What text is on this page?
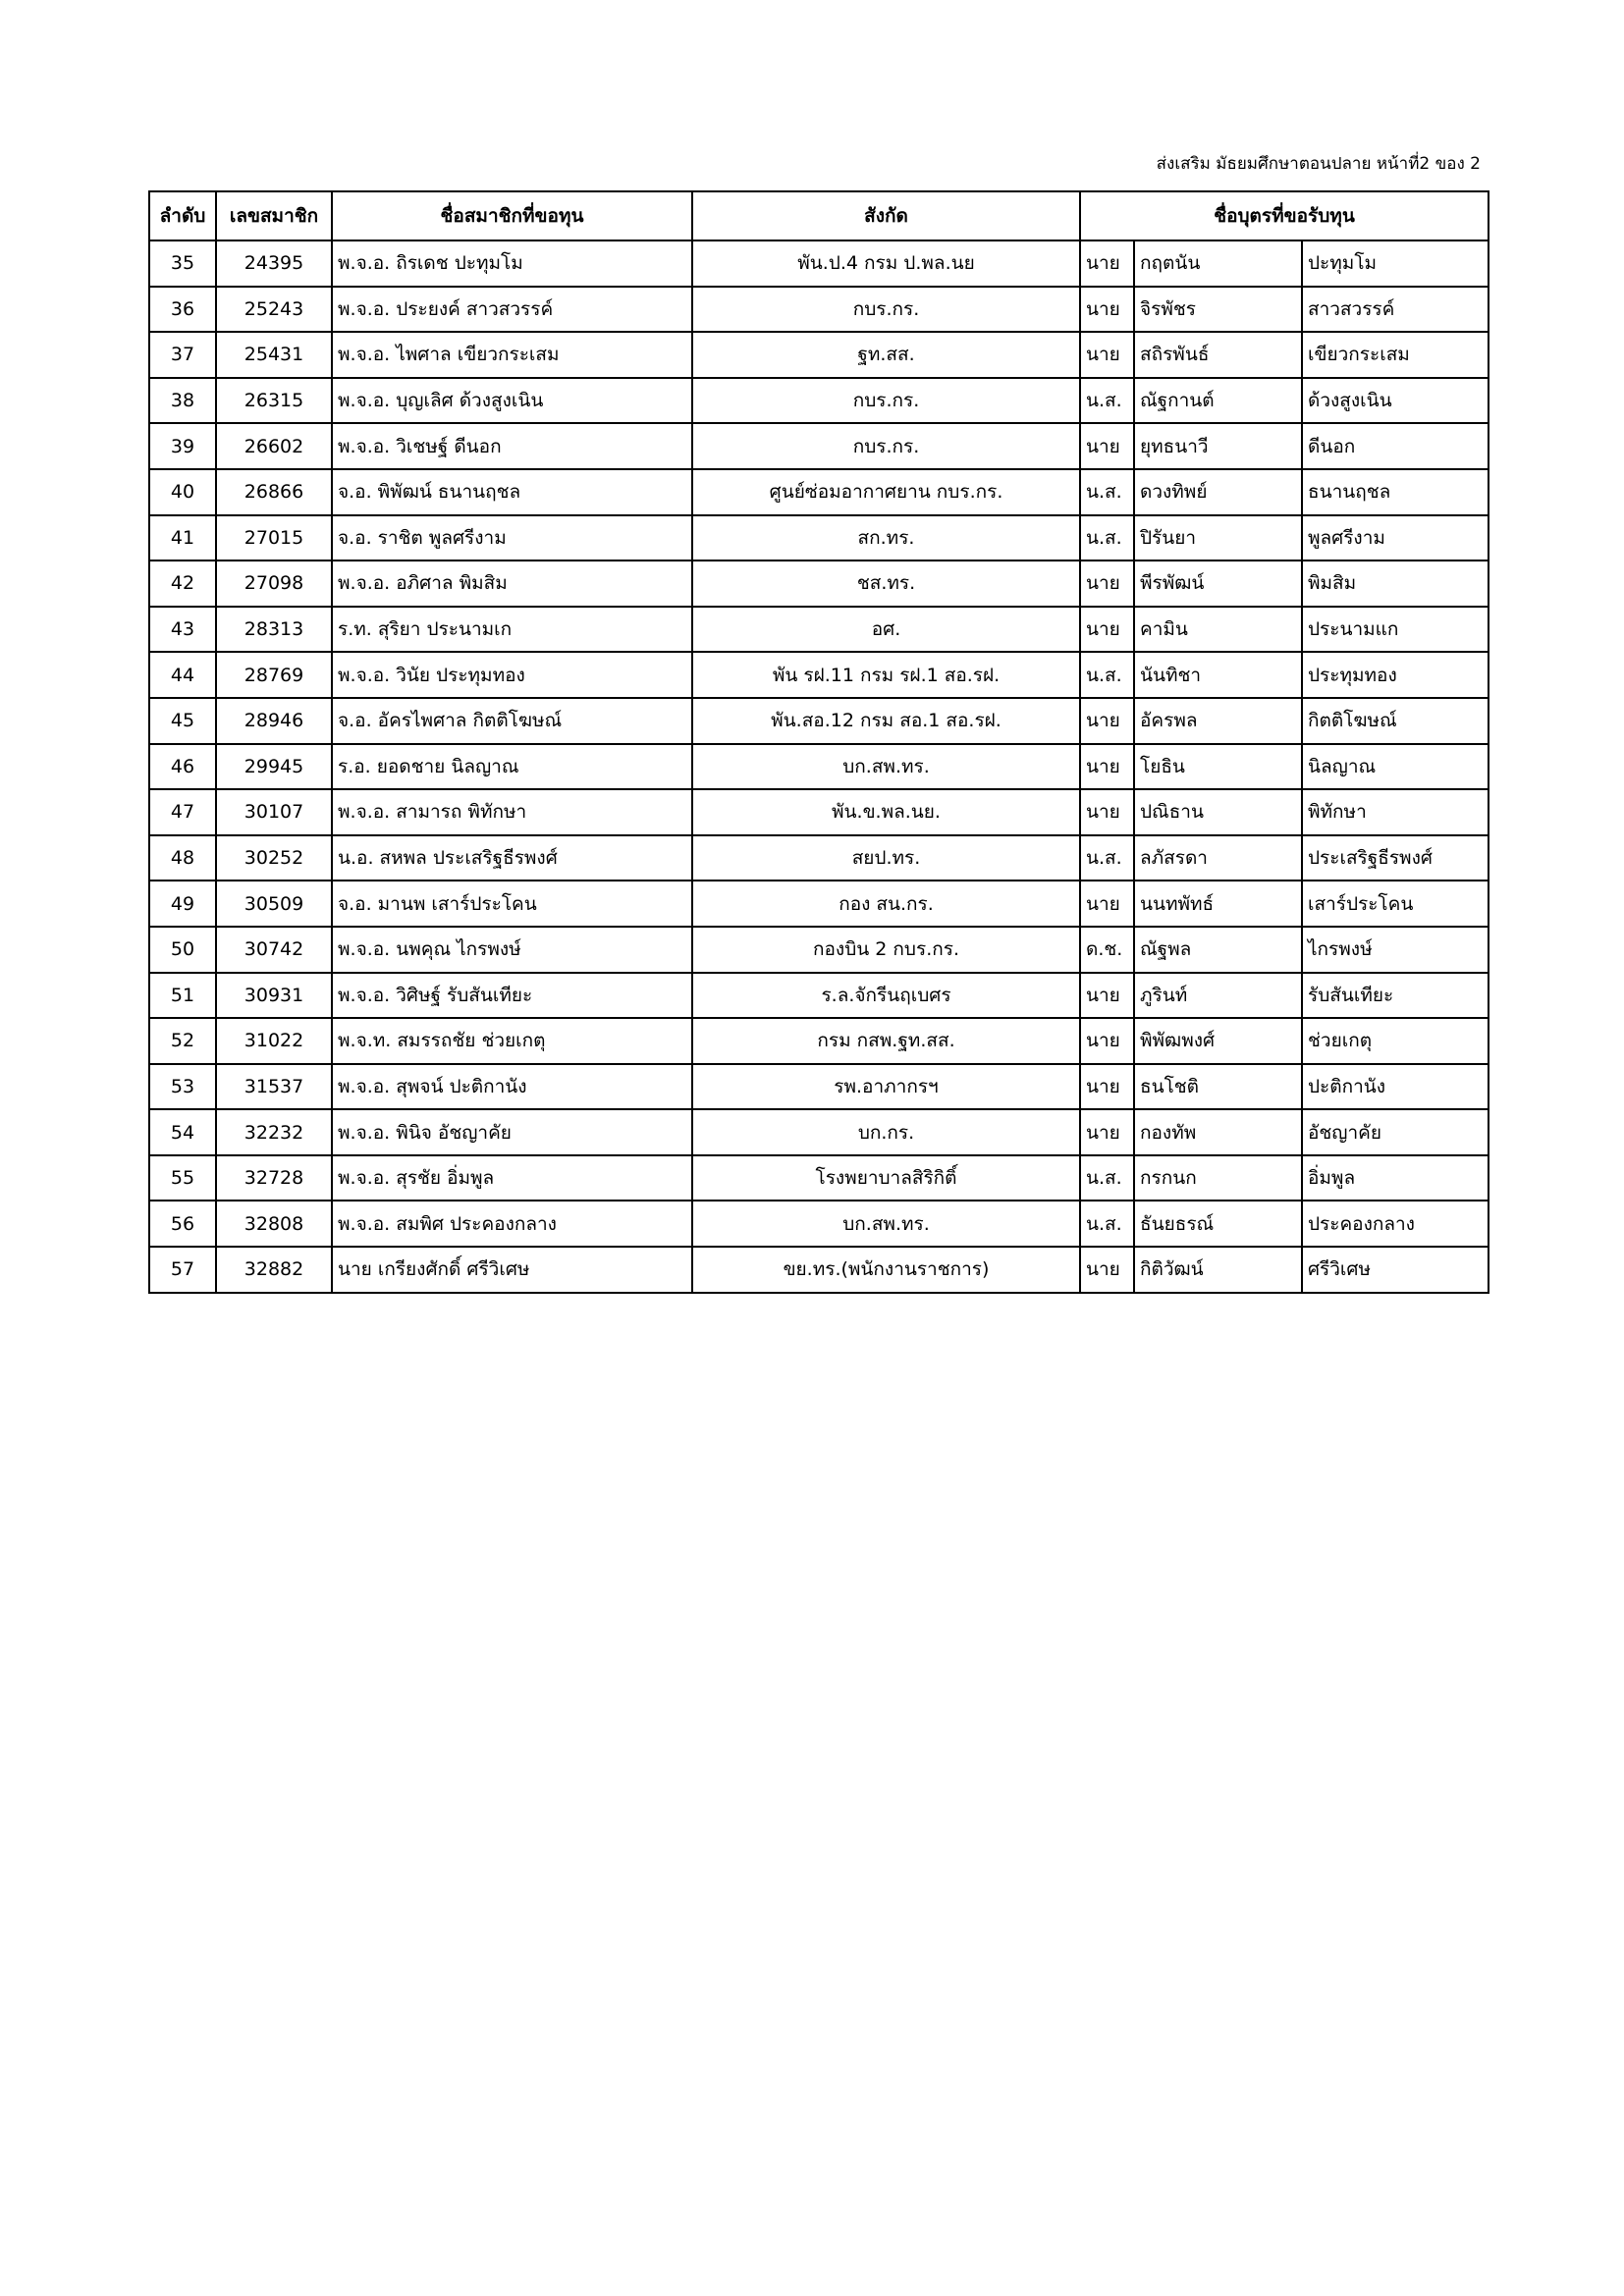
ส่งเสริม มัธยมศึกษาตอนปลาย หน้าที่2 ของ 2
ลำดับ	เลขสมาชิก	ชื่อสมาชิกที่ขอทุน	สังกัด	ชื่อบุตรที่ขอรับทุน		
35	24395	พ.จ.อ. ถิรเดช ปะทุมโม	พัน.ป.4 กรม ป.พล.นย	นาย	กฤตนัน	ปะทุมโม
36	25243	พ.จ.อ. ประยงค์ สาวสวรรค์	กบร.กร.	นาย	จิรพัชร	สาวสวรรค์
37	25431	พ.จ.อ. ไพศาล เขียวกระเสม	ฐท.สส.	นาย	สถิรพันธ์	เขียวกระเสม
38	26315	พ.จ.อ. บุญเลิศ ด้วงสูงเนิน	กบร.กร.	น.ส.	ณัฐกานต์	ด้วงสูงเนิน
39	26602	พ.จ.อ. วิเชษฐ์ ดีนอก	กบร.กร.	นาย	ยุทธนาวี	ดีนอก
40	26866	จ.อ. พิพัฒน์ ธนานฤชล	ศูนย์ซ่อมอากาศยาน กบร.กร.	น.ส.	ดวงทิพย์	ธนานฤชล
41	27015	จ.อ. ราชิต พูลศรีงาม	สก.ทร.	น.ส.	ปิรันยา	พูลศรีงาม
42	27098	พ.จ.อ. อภิศาล พิมสิม	ชส.ทร.	นาย	พีรพัฒน์	พิมสิม
43	28313	ร.ท. สุริยา ประนามเก	อศ.	นาย	คามิน	ประนามแก
44	28769	พ.จ.อ. วินัย ประทุมทอง	พัน รฝ.11 กรม รฝ.1 สอ.รฝ.	น.ส.	นันทิชา	ประทุมทอง
45	28946	จ.อ. อัครไพศาล กิตติโฆษณ์	พัน.สอ.12 กรม สอ.1 สอ.รฝ.	นาย	อัครพล	กิตติโฆษณ์
46	29945	ร.อ. ยอดชาย นิลญาณ	บก.สพ.ทร.	นาย	โยธิน	นิลญาณ
47	30107	พ.จ.อ. สามารถ พิทักษา	พัน.ข.พล.นย.	นาย	ปณิธาน	พิทักษา
48	30252	น.อ. สหพล ประเสริฐธีรพงศ์	สยป.ทร.	น.ส.	ลภัสรดา	ประเสริฐธีรพงศ์
49	30509	จ.อ. มานพ เสาร์ประโคน	กอง สน.กร.	นาย	นนทพัทธ์	เสาร์ประโคน
50	30742	พ.จ.อ. นพคุณ ไกรพงษ์	กองบิน 2 กบร.กร.	ด.ช.	ณัฐพล	ไกรพงษ์
51	30931	พ.จ.อ. วิศิษฐ์ รับสันเทียะ	ร.ล.จักรีนฤเบศร	นาย	ภูรินท์	รับสันเทียะ
52	31022	พ.จ.ท. สมรรถชัย ช่วยเกตุ	กรม กสพ.ฐท.สส.	นาย	พิพัฒพงศ์	ช่วยเกตุ
53	31537	พ.จ.อ. สุพจน์ ปะติกานัง	รพ.อาภากรฯ	นาย	ธนโชติ	ปะติกานัง
54	32232	พ.จ.อ. พินิจ อัชญาคัย	บก.กร.	นาย	กองทัพ	อัชญาคัย
55	32728	พ.จ.อ. สุรชัย อิ่มพูล	โรงพยาบาลสิริกิติ์	น.ส.	กรกนก	อิ่มพูล
56	32808	พ.จ.อ. สมพิศ ประคองกลาง	บก.สพ.ทร.	น.ส.	ธันยธรณ์	ประคองกลาง
57	32882	นาย เกรียงศักดิ์ ศรีวิเศษ	ขย.ทร.(พนักงานราชการ)	นาย	กิติวัฒน์	ศรีวิเศษ
